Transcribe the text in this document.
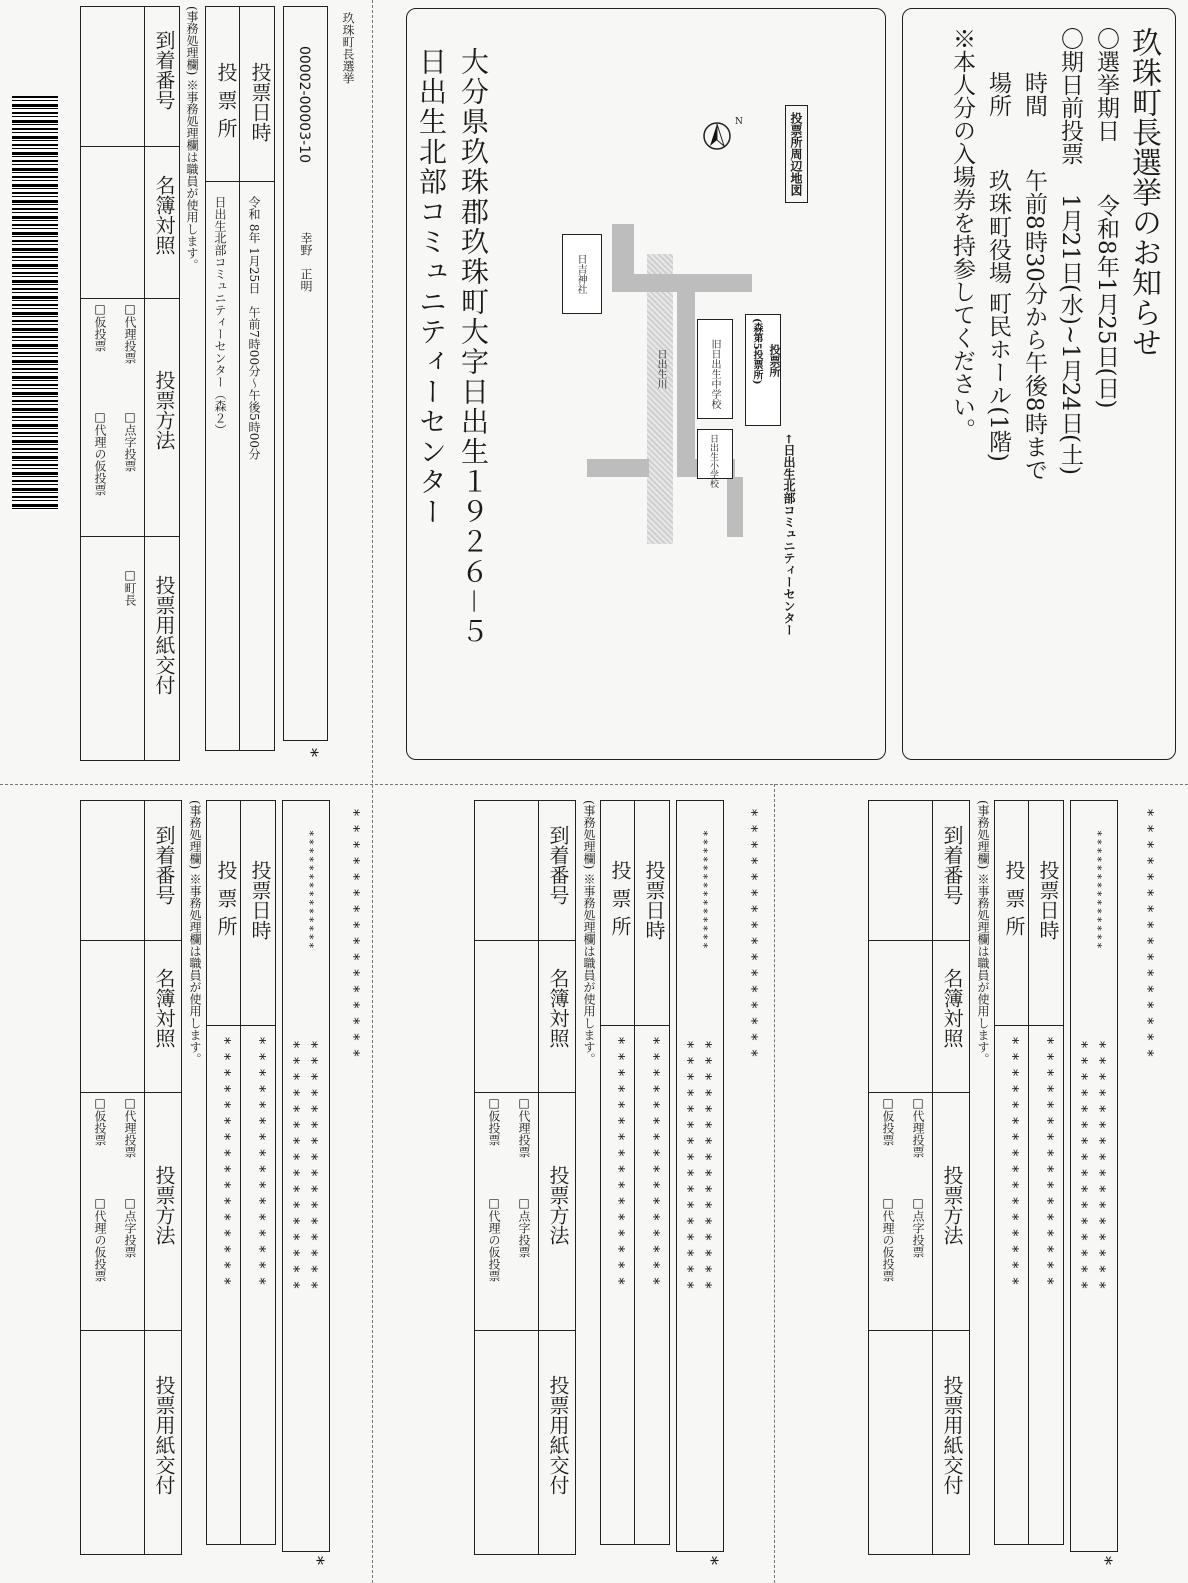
玖珠町長選挙のお知らせ
〇選挙期日
令和8年1月25日(日)
〇期日前投票
1月21日(水)~1月24日(土)
時間
午前8時30分から午後8時まで
場所
玖珠町役場 町民ホール(1階)
※本人分の入場券を持参してください。
投票所周辺地図
N
投票所
(森第5投票所)
旧日出生中学校
日出生小学校
日吉神社
日出生川
←日出生北部コミュニティーセンター
大分県玖珠郡玖珠町大字日出生１９２６－５
日出生北部コミュニティーセンター
玖珠町長選挙
00002-00003-10
幸野　正明
*
投票日時
投票所
令和 8年 1月25日　午前7時00分～午後5時00分
日出生北部コミュニティーセンター（森２）
(事務処理欄) ※事務処理欄は職員が使用します。
到着番号
名簿対照
投票方法
投票用紙交付
□代理投票
□点字投票
□仮投票
□代理の仮投票
□町長
****************
**************
****************
****************
*
投票日時
投票所
****************
****************
(事務処理欄) ※事務処理欄は職員が使用します。
到着番号
名簿対照
投票方法
投票用紙交付
□代理投票
□点字投票
□仮投票
□代理の仮投票
****************
**************
****************
****************
*
投票日時
投票所
****************
****************
(事務処理欄) ※事務処理欄は職員が使用します。
到着番号
名簿対照
投票方法
投票用紙交付
□代理投票
□点字投票
□仮投票
□代理の仮投票
****************
**************
****************
****************
*
投票日時
投票所
****************
****************
(事務処理欄) ※事務処理欄は職員が使用します。
到着番号
名簿対照
投票方法
投票用紙交付
□代理投票
□点字投票
□仮投票
□代理の仮投票
